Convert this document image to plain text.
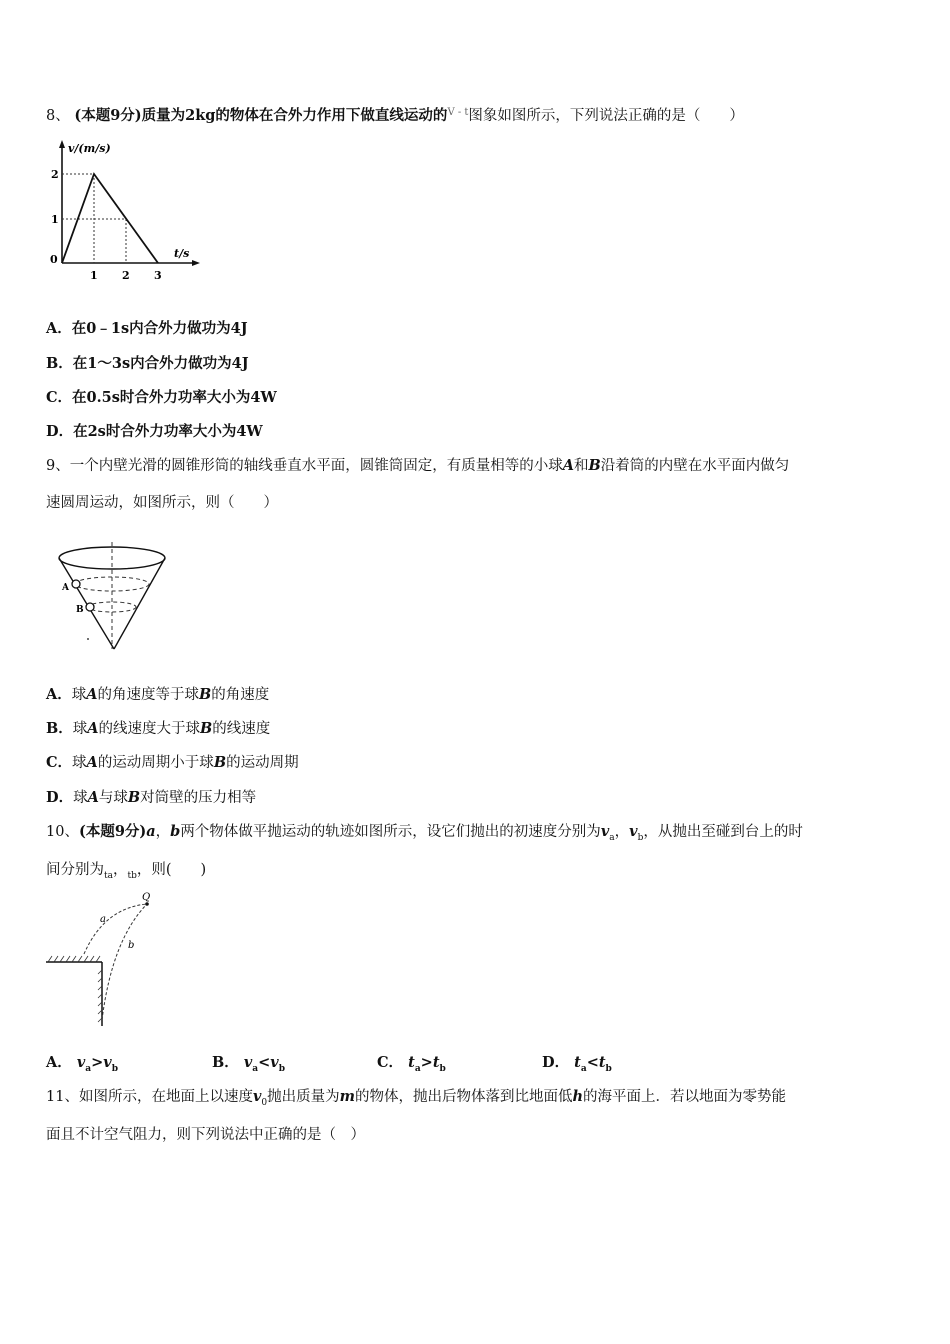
8、 (本题9分)质量为2kg的物体在合外力作用下做直线运动的$^{V - t}$图象如图所示，下列说法正确的是（　　）
v/(m/s)
t/s
0
1
2
1 2 3
A．在0﹣1s内合外力做功为4J
B．在1～3s内合外力做功为4J
C．在0.5s时合外力功率大小为4W
D．在2s时合外力功率大小为4W
9、一个内壁光滑的圆锥形筒的轴线垂直水平面，圆锥筒固定，有质量相等的小球A和B沿着筒的内壁在水平面内做匀
速圆周运动，如图所示，则（　　）
A
B
A．球A的角速度等于球B的角速度
B．球A的线速度大于球B的线速度
C．球A的运动周期小于球B的运动周期
D．球A与球B对筒壁的压力相等
10、(本题9分)a，b两个物体做平抛运动的轨迹如图所示，设它们抛出的初速度分别为$v_a$，$v_b$，从抛出至碰到台上的时
间分别为$_{ta}$，$_{tb}$，则(　　)
Q
a
b
A． $v_a>v_b$	B． $v_a<v_b$	C． $t_a>t_b$	D． $t_a<t_b$
11、如图所示，在地面上以速度$v_0$抛出质量为m的物体，抛出后物体落到比地面低h的海平面上．若以地面为零势能
面且不计空气阻力，则下列说法中正确的是（　）
